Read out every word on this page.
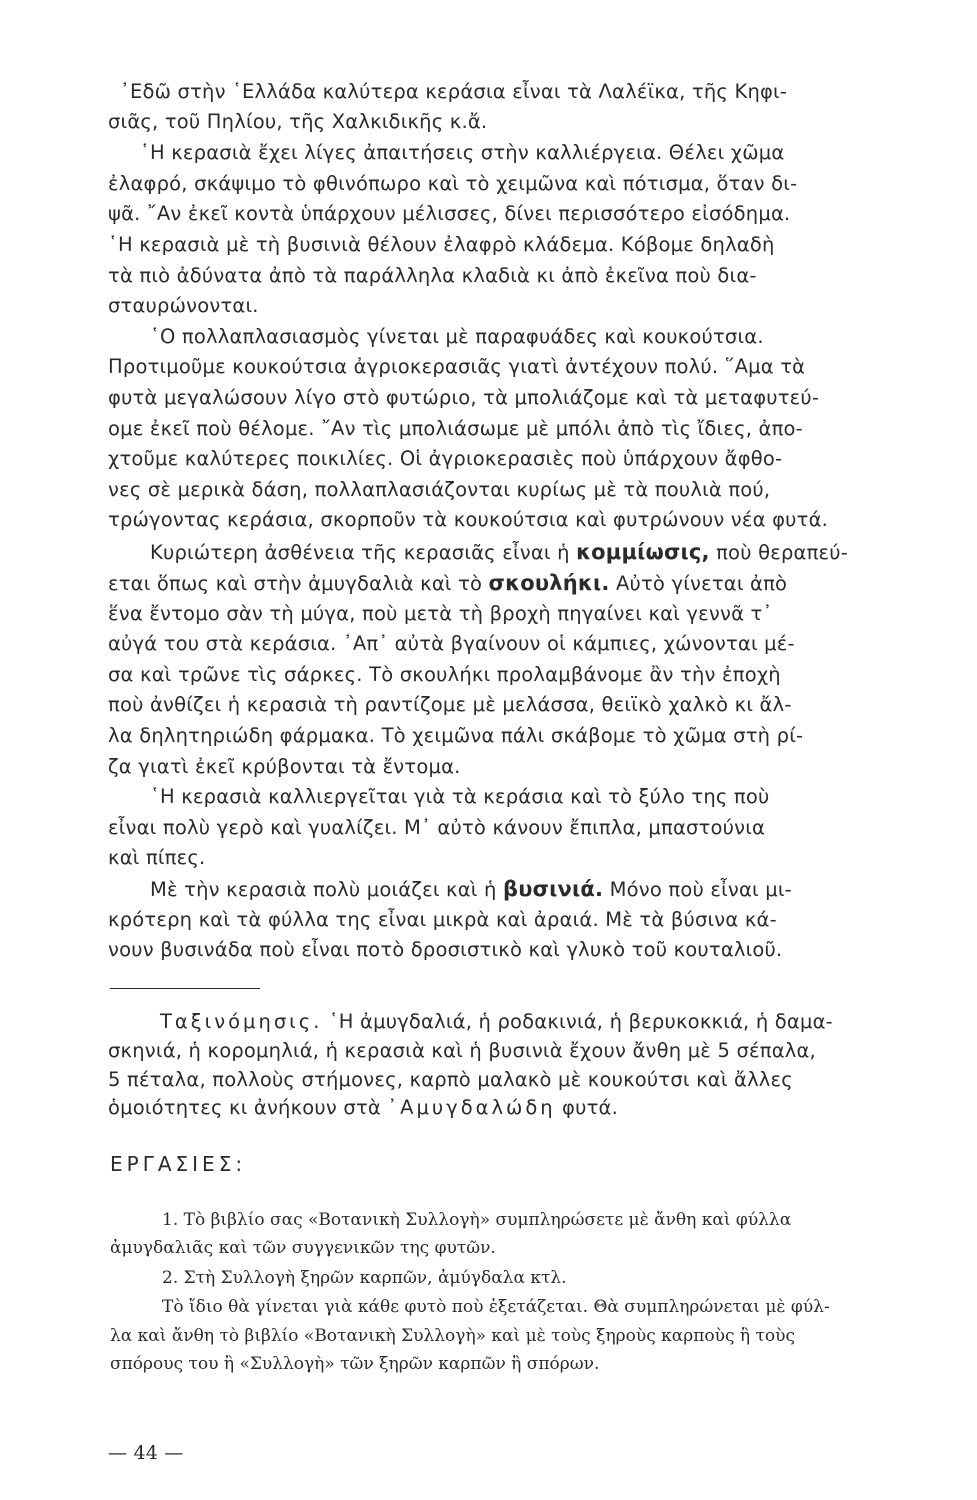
᾿Εδῶ στὴν ῾Ελλάδα καλύτερα κεράσια εἶναι τὰ Λαλέϊκα, τῆς Κηφι-
σιᾶς, τοῦ Πηλίου, τῆς Χαλκιδικῆς κ.ἄ.
῾Η κερασιὰ ἔχει λίγες ἀπαιτήσεις στὴν καλλιέργεια. Θέλει χῶμα
ἐλαφρό, σκάψιμο τὸ φθινόπωρο καὶ τὸ χειμῶνα καὶ πότισμα, ὅταν δι-
ψᾶ. ῎Αν ἐκεῖ κοντὰ ὑπάρχουν μέλισσες, δίνει περισσότερο εἰσόδημα.
῾Η κερασιὰ μὲ τὴ βυσινιὰ θέλουν ἐλαφρὸ κλάδεμα. Κόβομε δηλαδὴ
τὰ πιὸ ἀδύνατα ἀπὸ τὰ παράλληλα κλαδιὰ κι ἀπὸ ἐκεῖνα ποὺ δια-
σταυρώνονται.
῾Ο πολλαπλασιασμὸς γίνεται μὲ παραφυάδες καὶ κουκούτσια.
Προτιμοῦμε κουκούτσια ἀγριοκερασιᾶς γιατὶ ἀντέχουν πολύ. ῞Αμα τὰ
φυτὰ μεγαλώσουν λίγο στὸ φυτώριο, τὰ μπολιάζομε καὶ τὰ μεταφυτεύ-
ομε ἐκεῖ ποὺ θέλομε. ῎Αν τὶς μπολιάσωμε μὲ μπόλι ἀπὸ τὶς ἴδιες, ἀπο-
χτοῦμε καλύτερες ποικιλίες. Οἱ ἀγριοκερασιὲς ποὺ ὑπάρχουν ἄφθο-
νες σὲ μερικὰ δάση, πολλαπλασιάζονται κυρίως μὲ τὰ πουλιὰ πού,
τρώγοντας κεράσια, σκορποῦν τὰ κουκούτσια καὶ φυτρώνουν νέα φυτά.
Κυριώτερη ἀσθένεια τῆς κερασιᾶς εἶναι ἡ κομμίωσις, ποὺ θεραπεύ-
εται ὅπως καὶ στὴν ἀμυγδαλιὰ καὶ τὸ σκουλήκι. Αὐτὸ γίνεται ἀπὸ
ἕνα ἔντομο σὰν τὴ μύγα, ποὺ μετὰ τὴ βροχὴ πηγαίνει καὶ γεννᾶ τ᾿
αὐγά του στὰ κεράσια. ᾿Απ᾿ αὐτὰ βγαίνουν οἱ κάμπιες, χώνονται μέ-
σα καὶ τρῶνε τὶς σάρκες. Τὸ σκουλήκι προλαμβάνομε ἂν τὴν ἐποχὴ
ποὺ ἀνθίζει ἡ κερασιὰ τὴ ραντίζομε μὲ μελάσσα, θειϊκὸ χαλκὸ κι ἄλ-
λα δηλητηριώδη φάρμακα. Τὸ χειμῶνα πάλι σκάβομε τὸ χῶμα στὴ ρί-
ζα γιατὶ ἐκεῖ κρύβονται τὰ ἔντομα.
῾Η κερασιὰ καλλιεργεῖται γιὰ τὰ κεράσια καὶ τὸ ξύλο της ποὺ
εἶναι πολὺ γερὸ καὶ γυαλίζει. Μ᾿ αὐτὸ κάνουν ἔπιπλα, μπαστούνια
καὶ πίπες.
Μὲ τὴν κερασιὰ πολὺ μοιάζει καὶ ἡ βυσινιά. Μόνο ποὺ εἶναι μι-
κρότερη καὶ τὰ φύλλα της εἶναι μικρὰ καὶ ἀραιά. Μὲ τὰ βύσινα κά-
νουν βυσινάδα ποὺ εἶναι ποτὸ δροσιστικὸ καὶ γλυκὸ τοῦ κουταλιοῦ.
Ταξινόμησις. ῾Η ἀμυγδαλιά, ἡ ροδακινιά, ἡ βερυκοκκιά, ἡ δαμα-
σκηνιά, ἡ κορομηλιά, ἡ κερασιὰ καὶ ἡ βυσινιὰ ἔχουν ἄνθη μὲ 5 σέπαλα,
5 πέταλα, πολλοὺς στήμονες, καρπὸ μαλακὸ μὲ κουκούτσι καὶ ἄλλες
ὁμοιότητες κι ἀνήκουν στὰ ᾿Αμυγδαλώδη φυτά.
ΕΡΓΑΣΙΕΣ:
1. Τὸ βιβλίο σας «Βοτανικὴ Συλλογὴ» συμπληρώσετε μὲ ἄνθη καὶ φύλλα
ἀμυγδαλιᾶς καὶ τῶν συγγενικῶν της φυτῶν.
2. Στὴ Συλλογὴ ξηρῶν καρπῶν, ἀμύγδαλα κτλ.
Τὸ ἴδιο θὰ γίνεται γιὰ κάθε φυτὸ ποὺ ἐξετάζεται. Θὰ συμπληρώνεται μὲ φύλ-
λα καὶ ἄνθη τὸ βιβλίο «Βοτανικὴ Συλλογὴ» καὶ μὲ τοὺς ξηροὺς καρποὺς ἢ τοὺς
σπόρους του ἢ «Συλλογὴ» τῶν ξηρῶν καρπῶν ἢ σπόρων.
— 44 —
